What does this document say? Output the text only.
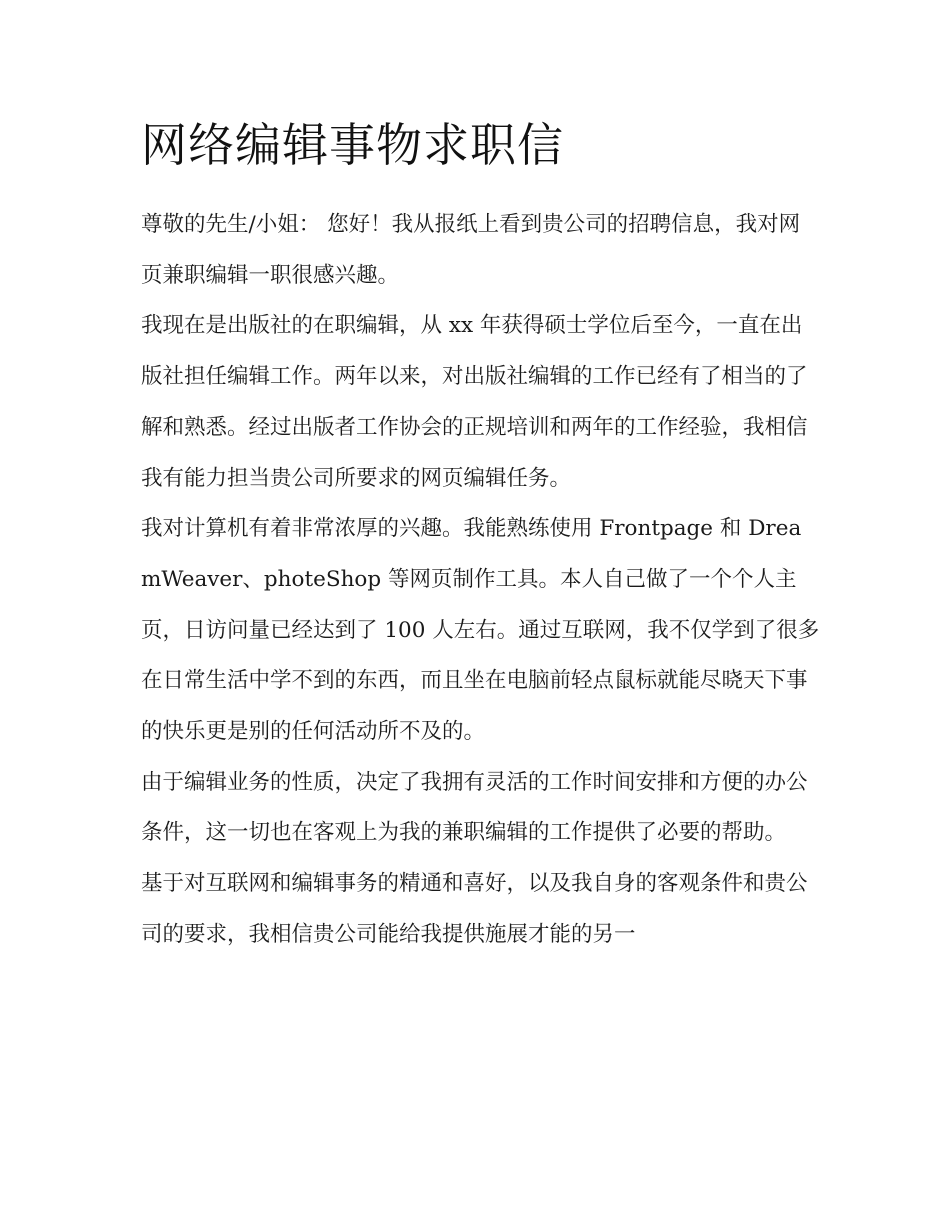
网络编辑事物求职信

尊敬的先生/小姐： 您好！我从报纸上看到贵公司的招聘信息，我对网页兼职编辑一职很感兴趣。

我现在是出版社的在职编辑，从 xx 年获得硕士学位后至今，一直在出版社担任编辑工作。两年以来，对出版社编辑的工作已经有了相当的了解和熟悉。经过出版者工作协会的正规培训和两年的工作经验，我相信我有能力担当贵公司所要求的网页编辑任务。

我对计算机有着非常浓厚的兴趣。我能熟练使用 Frontpage 和 DreamWeaver、photeShop 等网页制作工具。本人自己做了一个个人主页，日访问量已经达到了 100 人左右。通过互联网，我不仅学到了很多在日常生活中学不到的东西，而且坐在电脑前轻点鼠标就能尽晓天下事的快乐更是别的任何活动所不及的。

由于编辑业务的性质，决定了我拥有灵活的工作时间安排和方便的办公条件，这一切也在客观上为我的兼职编辑的工作提供了必要的帮助。

基于对互联网和编辑事务的精通和喜好，以及我自身的客观条件和贵公司的要求，我相信贵公司能给我提供施展才能的另一
